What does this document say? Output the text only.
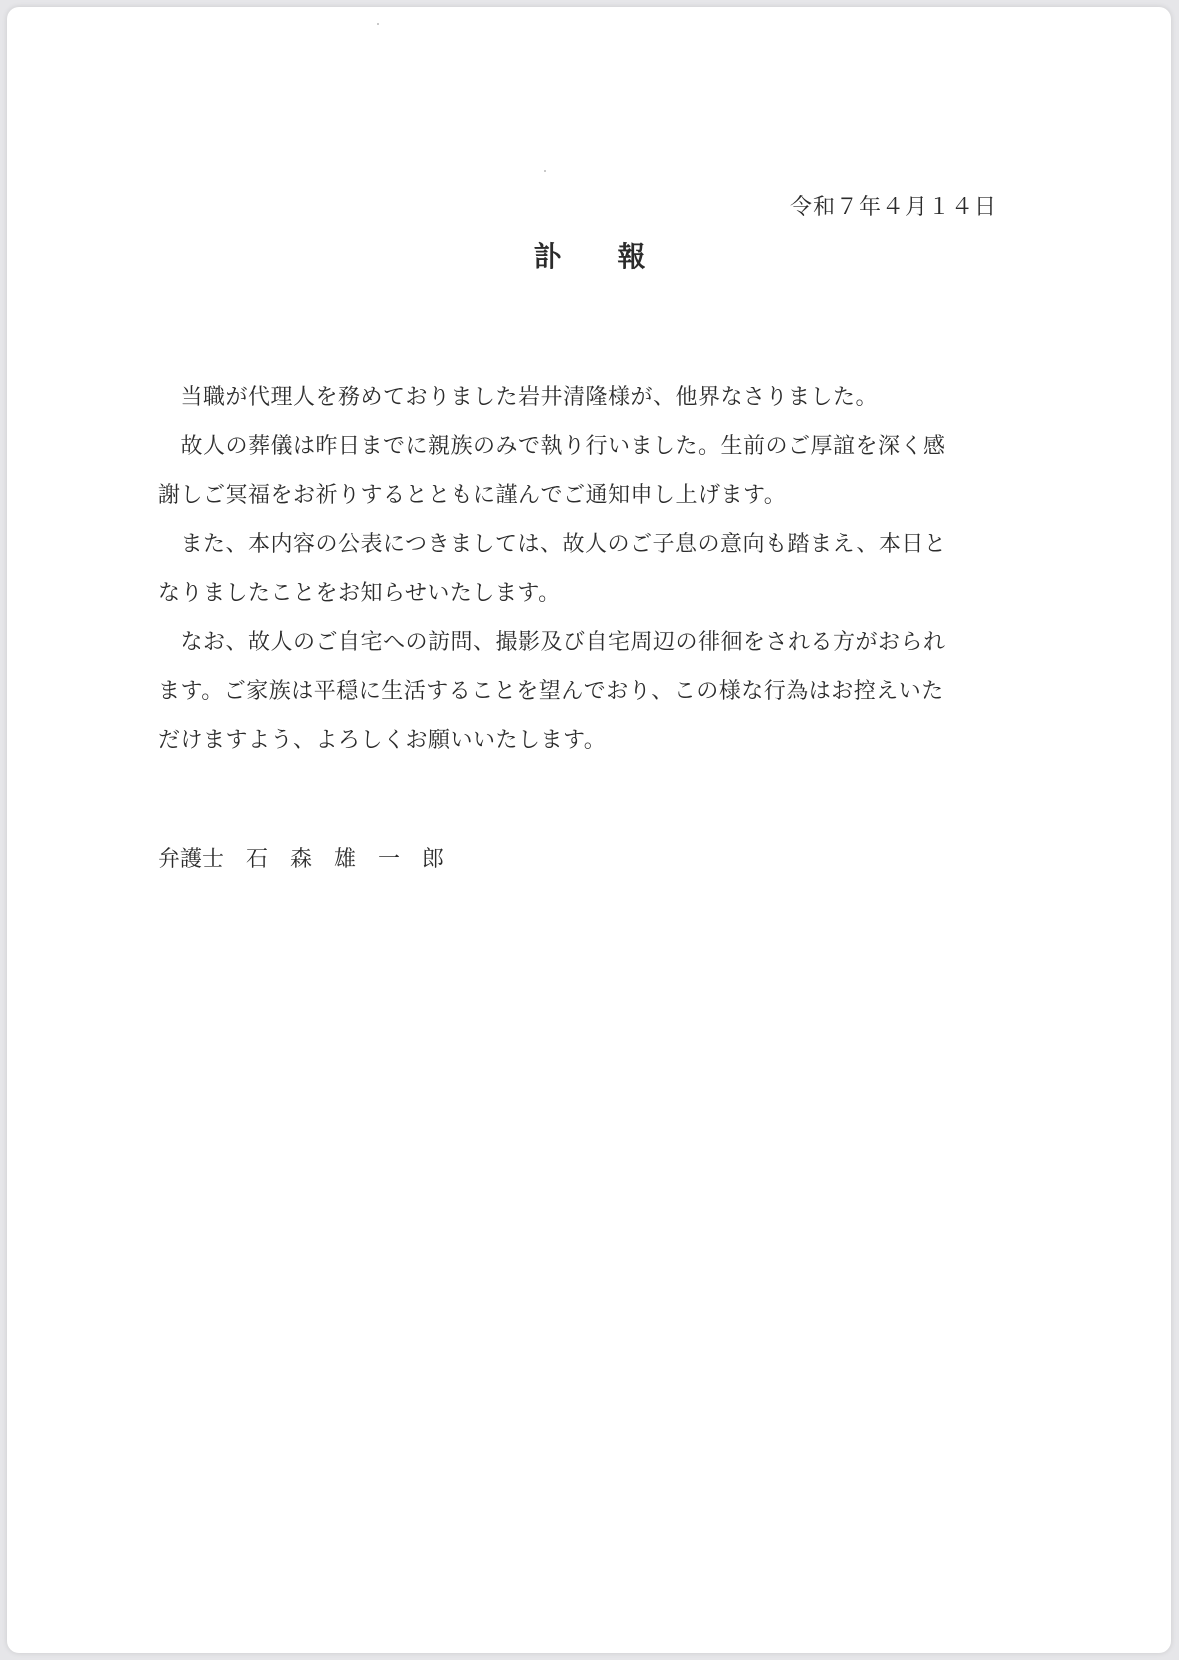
令和７年４月１４日
訃　　報
　当職が代理人を務めておりました岩井清隆様が、他界なさりました。
　故人の葬儀は昨日までに親族のみで執り行いました。生前のご厚誼を深く感
謝しご冥福をお祈りするとともに謹んでご通知申し上げます。
　また、本内容の公表につきましては、故人のご子息の意向も踏まえ、本日と
なりましたことをお知らせいたします。
　なお、故人のご自宅への訪問、撮影及び自宅周辺の徘徊をされる方がおられ
ます。ご家族は平穏に生活することを望んでおり、この様な行為はお控えいた
だけますよう、よろしくお願いいたします。
弁護士　石　森　雄　一　郎
